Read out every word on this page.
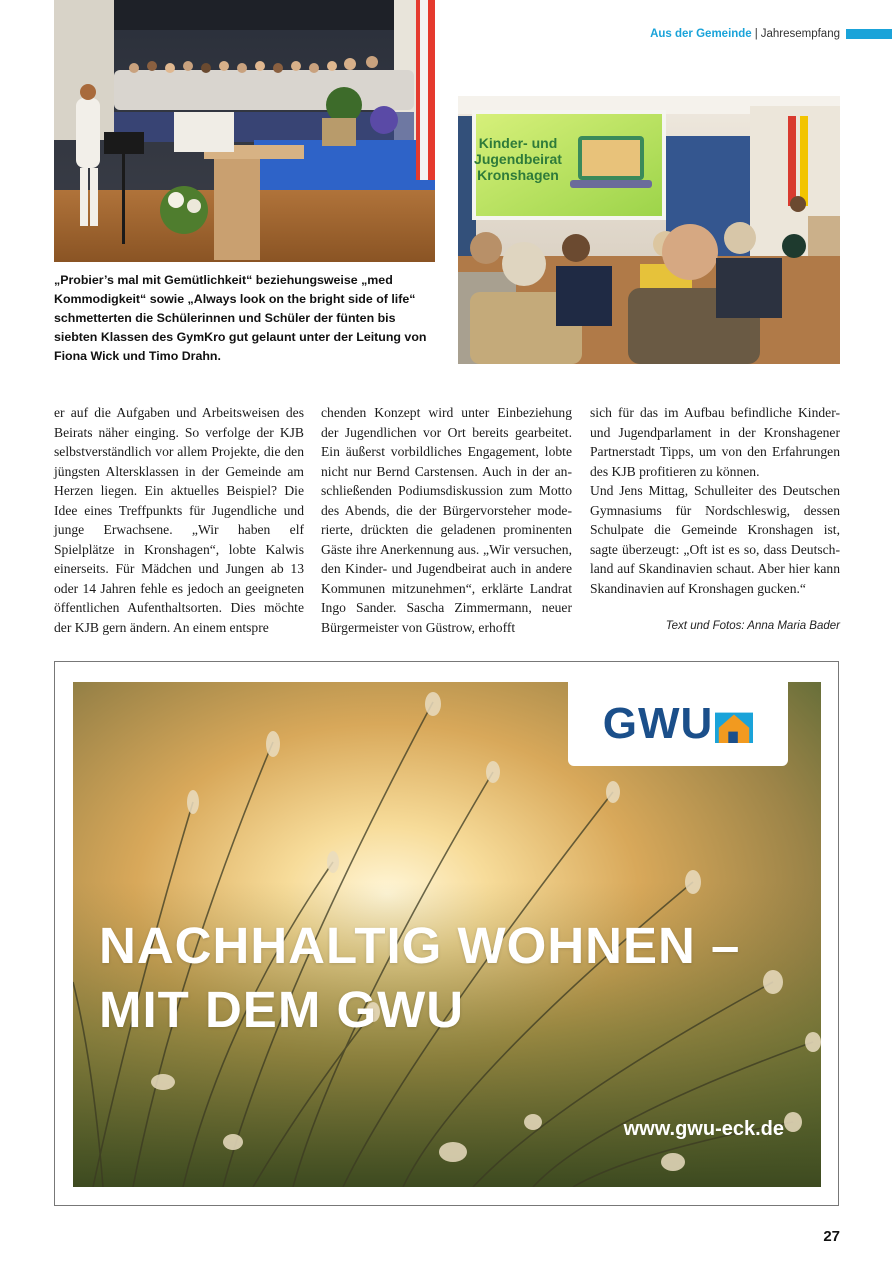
Aus der Gemeinde | Jahresempfang
Kinder- und
Jugendbeirat
Kronshagen
„Probier’s mal mit Gemütlichkeit“ beziehungsweise „med Kommodigkeit“ sowie „Always look on the bright side of life“ schmetterten die Schülerinnen und Schüler der fünten bis siebten Klassen des GymKro gut gelaunt unter der Leitung von Fiona Wick und Timo Drahn.

er auf die Aufgaben und Arbeitsweisen des Beirats näher einging. So verfolge der KJB selbstverständlich vor allem Projekte, die den jüngsten Altersklassen in der Gemeinde am Herzen liegen. Ein aktuelles Beispiel? Die Idee eines Treffpunkts für Jugendliche und junge Erwachsene. „Wir haben elf Spielplätze in Kronshagen“, lobte Kalwis einerseits. Für Mädchen und Jungen ab 13 oder 14 Jahren fehle es jedoch an geeigneten öffentlichen Aufenthaltsorten. Dies möchte der KJB gern ändern. An einem entspre

chenden Konzept wird unter Einbeziehung der Jugendlichen vor Ort bereits gearbeitet. Ein äußerst vorbildliches Engagement, lobte nicht nur Bernd Carstensen. Auch in der anschließenden Podiumsdiskussion zum Motto des Abends, die der Bürgervorsteher moderierte, drückten die geladenen prominenten Gäste ihre Anerkennung aus. „Wir versuchen, den Kinder- und Jugendbeirat auch in andere Kommunen mitzunehmen“, erklärte Landrat Ingo Sander. Sascha Zimmermann, neuer Bürgermeister von Güstrow, erhofft

sich für das im Aufbau befindliche Kinder- und Jugendparlament in der Kronshagener Partnerstadt Tipps, um von den Erfahrungen des KJB profitieren zu können.

Und Jens Mittag, Schulleiter des Deutschen Gymnasiums für Nordschleswig, dessen Schulpate die Gemeinde Kronshagen ist, sagte überzeugt: „Oft ist es so, dass Deutschland auf Skandinavien schaut. Aber hier kann Skandinavien auf Kronshagen gucken.“

Text und Fotos: Anna Maria Bader
GWU
NACHHALTIG WOHNEN –
MIT DEM GWU
www.gwu-eck.de
27
